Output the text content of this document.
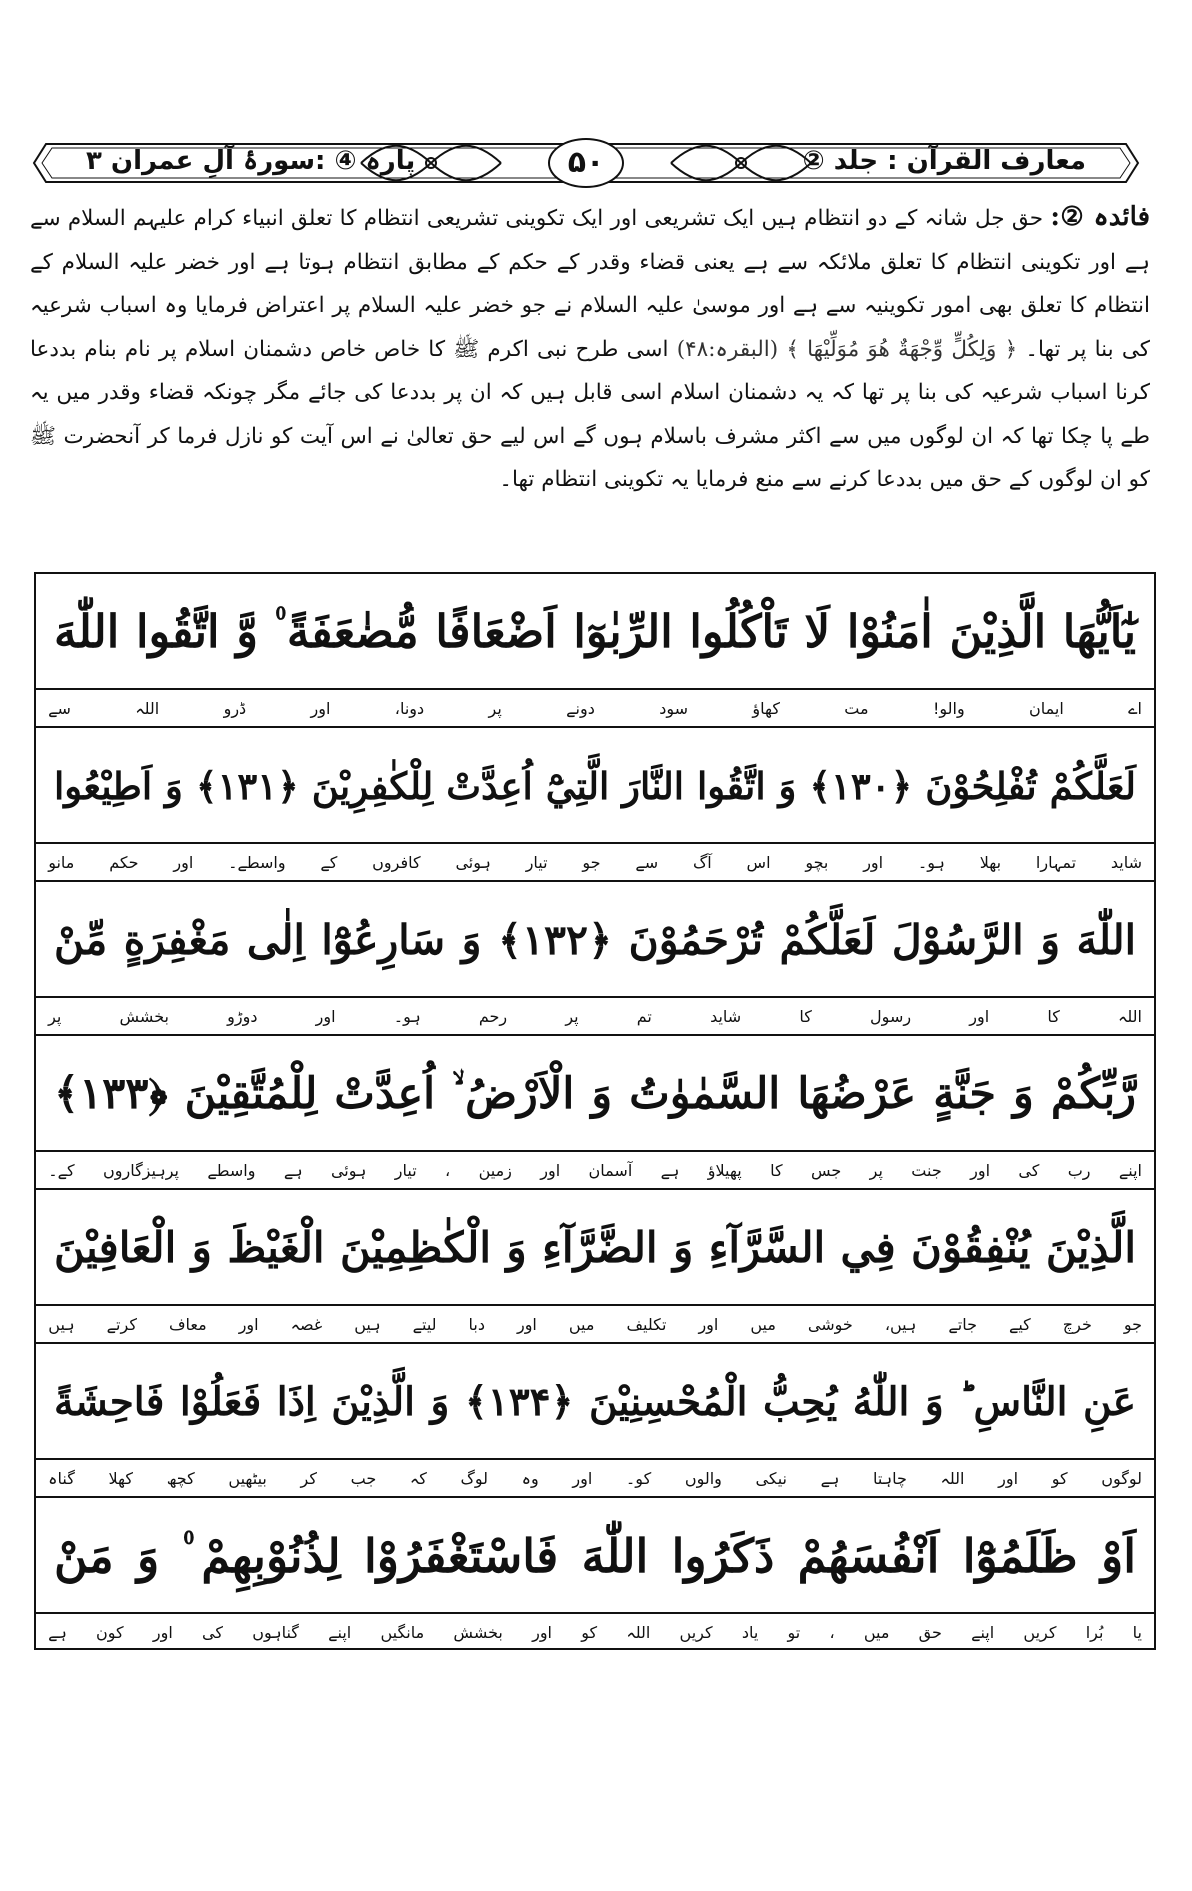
معارف القرآن : جلد ②
۵۰
پارہ ④ :سورۂ آلِ عمران ۳
فائدہ ②: حق جل شانہ کے دو انتظام ہیں ایک تشریعی اور ایک تکوینی تشریعی انتظام کا تعلق انبیاء کرام علیہم السلام سے ہے اور تکوینی انتظام کا تعلق ملائکہ سے ہے یعنی قضاء وقدر کے حکم کے مطابق انتظام ہوتا ہے اور خضر علیہ السلام کے انتظام کا تعلق بھی امور تکوینیہ سے ہے اور موسیٰ علیہ السلام نے جو خضر علیہ السلام پر اعتراض فرمایا وہ اسباب شرعیہ کی بنا پر تھا۔ ﴿ وَلِكُلٍّ وِّجْهَةٌ هُوَ مُوَلِّيْهَا ﴾ (البقرہ:۴۸) اسی طرح نبی اکرم ﷺ کا خاص خاص دشمنان اسلام پر نام بنام بددعا کرنا اسباب شرعیہ کی بنا پر تھا کہ یہ دشمنان اسلام اسی قابل ہیں کہ ان پر بددعا کی جائے مگر چونکہ قضاء وقدر میں یہ طے پا چکا تھا کہ ان لوگوں میں سے اکثر مشرف باسلام ہوں گے اس لیے حق تعالیٰ نے اس آیت کو نازل فرما کر آنحضرت ﷺ کو ان لوگوں کے حق میں بددعا کرنے سے منع فرمایا یہ تکوینی انتظام تھا۔
يٰٓاَيُّهَا الَّذِيْنَ اٰمَنُوْا لَا تَاْكُلُوا الرِّبٰوٓا اَضْعَافًا مُّضٰعَفَةً ۠ وَّ اتَّقُوا اللّٰهَ
اے
ایمان
والو!
مت
کھاؤ
سود
دونے
پر
دونا،
اور
ڈرو
اللہ
سے
لَعَلَّكُمْ تُفْلِحُوْنَ ﴿۱۳۰﴾ وَ اتَّقُوا النَّارَ الَّتِيْٓ اُعِدَّتْ لِلْكٰفِرِيْنَ ﴿۱۳۱﴾ وَ اَطِيْعُوا
شاید
تمہارا
بھلا
ہو۔
اور
بچو
اس
آگ
سے
جو
تیار
ہوئی
کافروں
کے
واسطے۔
اور
حکم
مانو
اللّٰهَ وَ الرَّسُوْلَ لَعَلَّكُمْ تُرْحَمُوْنَ ﴿۱۳۲﴾ وَ سَارِعُوْٓا اِلٰى مَغْفِرَةٍ مِّنْ
اللہ
کا
اور
رسول
کا
شاید
تم
پر
رحم
ہو۔
اور
دوڑو
بخشش
پر
رَّبِّكُمْ وَ جَنَّةٍ عَرْضُهَا السَّمٰوٰتُ وَ الْاَرْضُ ۙ اُعِدَّتْ لِلْمُتَّقِيْنَ ﴿۱۳۳﴾
اپنے
رب
کی
اور
جنت
پر
جس
کا
پھیلاؤ
ہے
آسمان
اور
زمین
،
تیار
ہوئی
ہے
واسطے
پرہیزگاروں
کے۔
الَّذِيْنَ يُنْفِقُوْنَ فِي السَّرَّآءِ وَ الضَّرَّآءِ وَ الْكٰظِمِيْنَ الْغَيْظَ وَ الْعَافِيْنَ
جو
خرچ
کیے
جاتے
ہیں،
خوشی
میں
اور
تکلیف
میں
اور
دبا
لیتے
ہیں
غصہ
اور
معاف
کرتے
ہیں
عَنِ النَّاسِ ؕ وَ اللّٰهُ يُحِبُّ الْمُحْسِنِيْنَ ﴿۱۳۴﴾ وَ الَّذِيْنَ اِذَا فَعَلُوْا فَاحِشَةً
لوگوں
کو
اور
اللہ
چاہتا
ہے
نیکی
والوں
کو۔
اور
وہ
لوگ
کہ
جب
کر
بیٹھیں
کچھ
کھلا
گناہ
اَوْ ظَلَمُوْٓا اَنْفُسَهُمْ ذَكَرُوا اللّٰهَ فَاسْتَغْفَرُوْا لِذُنُوْبِهِمْ ۠ وَ مَنْ
یا
بُرا
کریں
اپنے
حق
میں
،
تو
یاد
کریں
اللہ
کو
اور
بخشش
مانگیں
اپنے
گناہوں
کی
اور
کون
ہے
